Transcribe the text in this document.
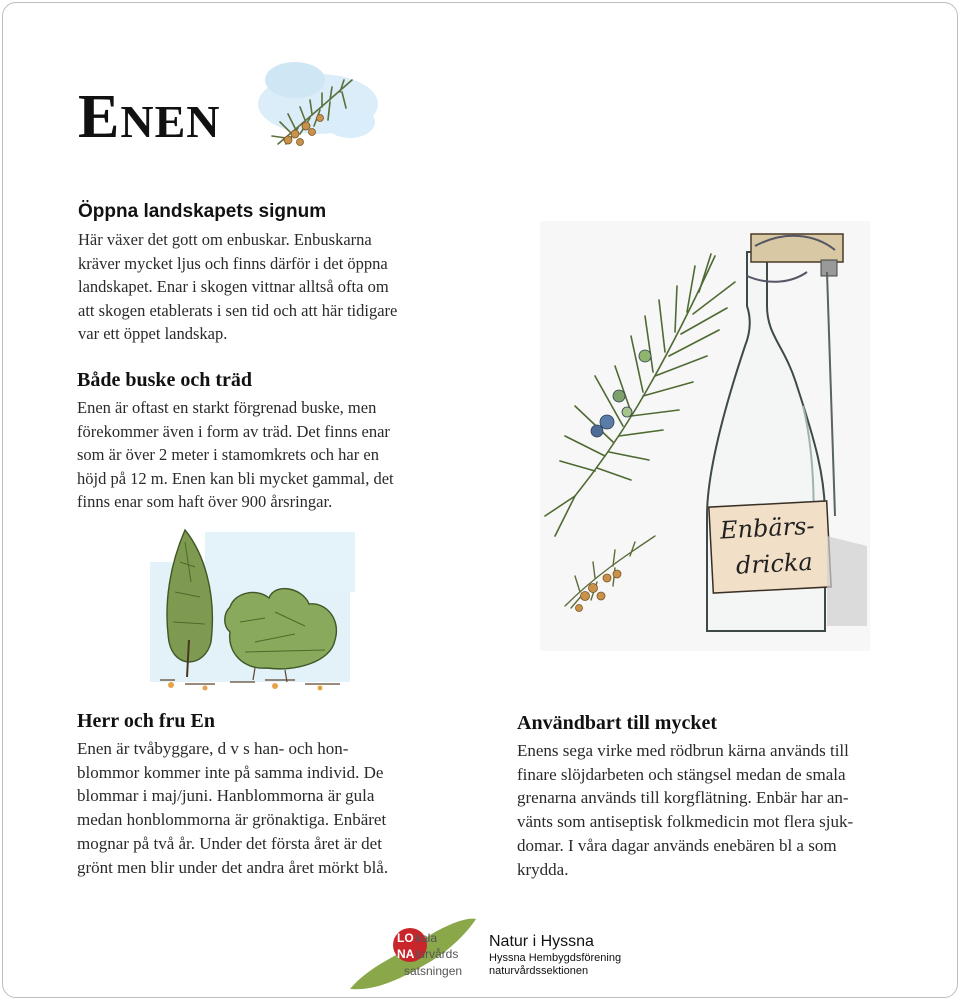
ENEN
Öppna landskapets signum

Här växer det gott om enbuskar. Enbuskarna
kräver mycket ljus och finns därför i det öppna
landskapet. Enar i skogen vittnar alltså ofta om
att skogen etablerats i sen tid och att här tidigare
var ett öppet landskap.

Både buske och träd

Enen är oftast en starkt förgrenad buske, men
förekommer även i form av träd. Det finns enar
som är över 2 meter i stamomkrets och har en
höjd på 12 m. Enen kan bli mycket gammal, det
finns enar som haft över 900 årsringar.

Enbärs-
dricka
Herr och fru En

Enen är tvåbyggare, d v s han- och hon-
blommor kommer inte på samma individ. De
blommar i maj/juni. Hanblommorna är gula
medan honblommorna är grönaktiga. Enbäret
mognar på två år. Under det första året är det
grönt men blir under det andra året mörkt blå.

Användbart till mycket

Enens sega virke med rödbrun kärna används till
finare slöjdarbeten och stängsel medan de smala
grenarna används till korgflätning. Enbär har an-
vänts som antiseptisk folkmedicin mot flera sjuk-
domar. I våra dagar används enebären bl a som
krydda.

LO kala
NA turvårds
satsningen
Natur i Hyssna
Hyssna Hembygdsförening
naturvårdssektionen
